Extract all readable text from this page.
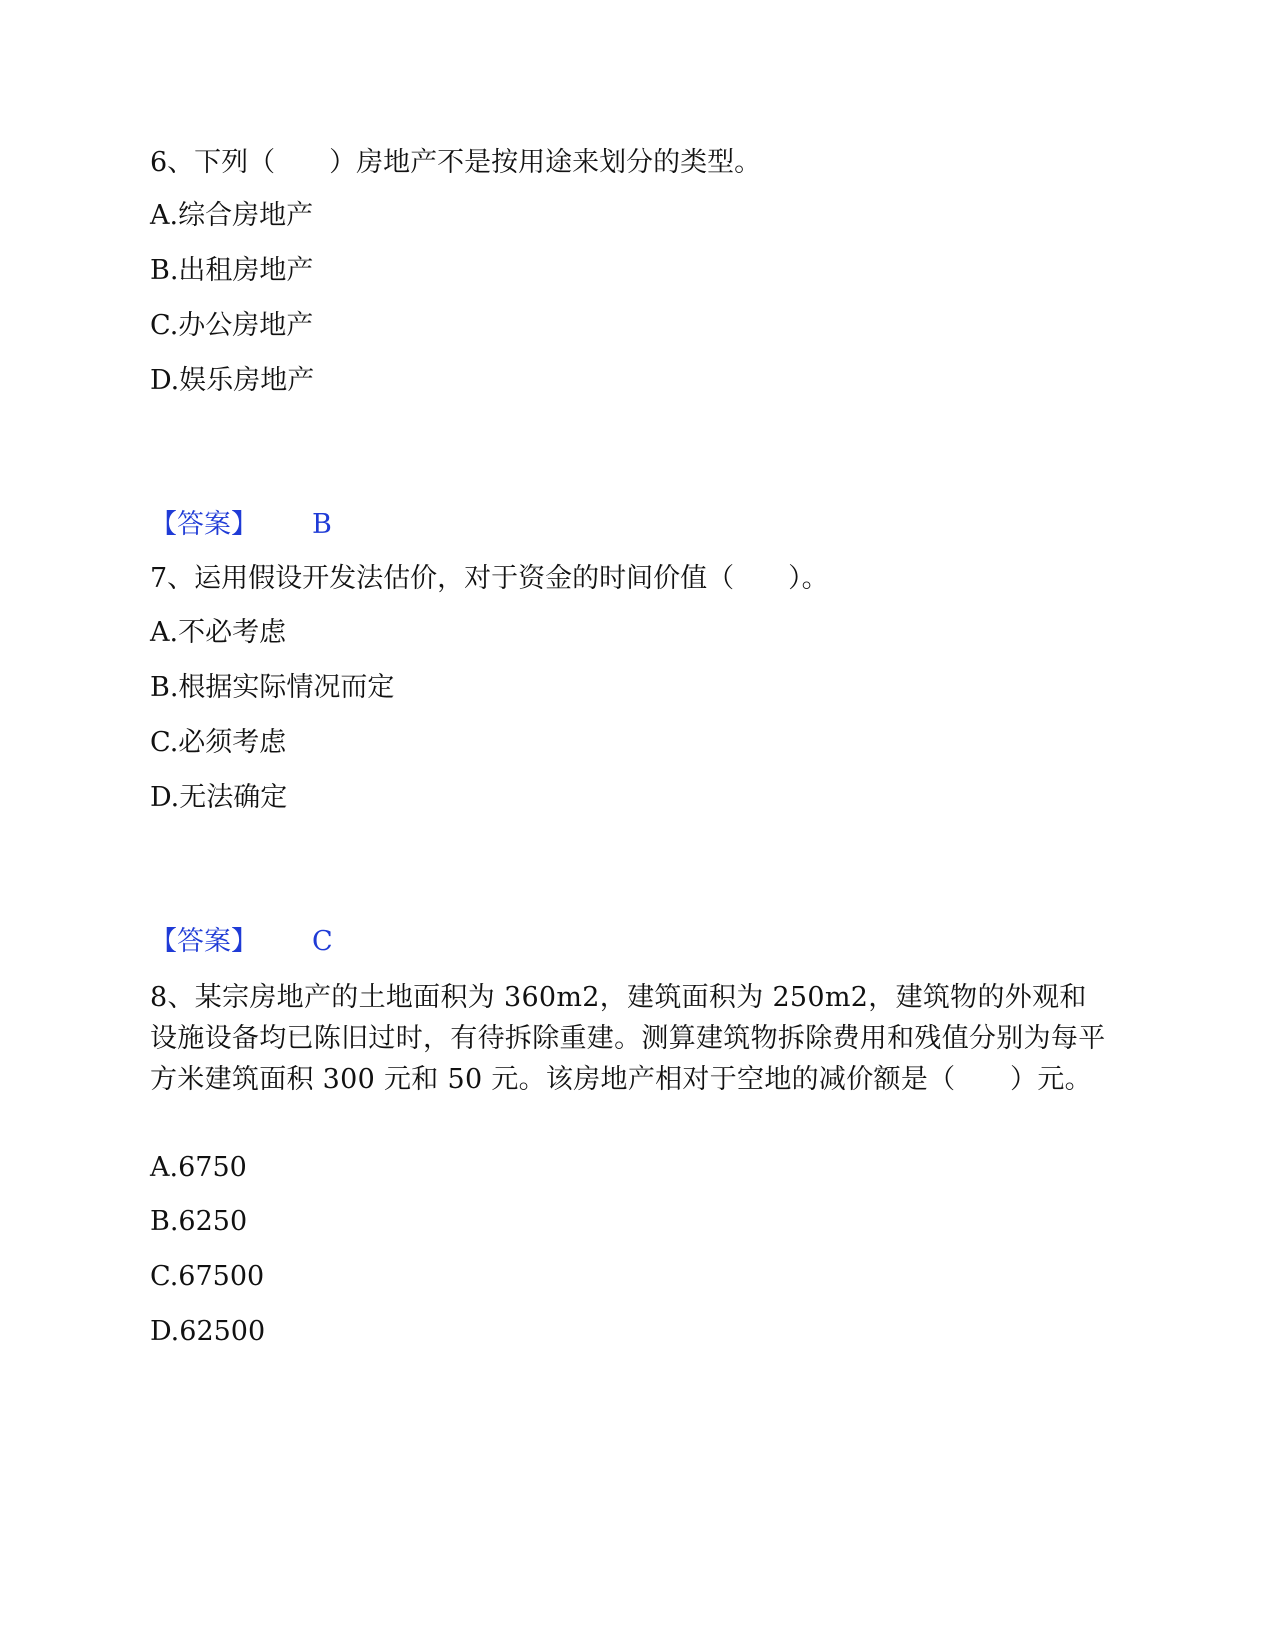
6、下列（　　）房地产不是按用途来划分的类型。
A.综合房地产
B.出租房地产
C.办公房地产
D.娱乐房地产
【答案】 B
7、运用假设开发法估价，对于资金的时间价值（　　）。
A.不必考虑
B.根据实际情况而定
C.必须考虑
D.无法确定
【答案】 C
8、某宗房地产的土地面积为 360m2，建筑面积为 250m2，建筑物的外观和设施设备均已陈旧过时，有待拆除重建。测算建筑物拆除费用和残值分别为每平方米建筑面积 300 元和 50 元。该房地产相对于空地的减价额是（　　）元。
A.6750
B.6250
C.67500
D.62500
